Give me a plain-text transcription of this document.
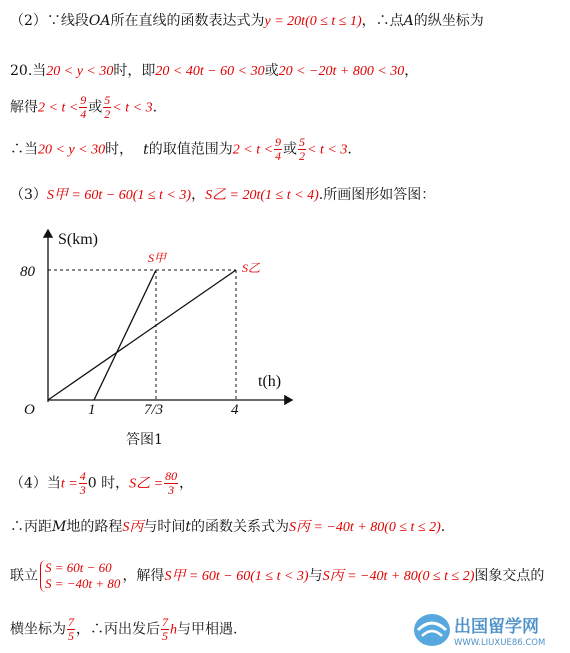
（2）∵线段OA所在直线的函数表达式为y = 20t(0 ≤ t ≤ 1)，∴点A的纵坐标为
20.当20 < y < 30时，即20 < 40t − 60 < 30或20 < −20t + 800 < 30，
解得$2 < t < \frac{9}{4}$ 或 $\frac{5}{2} < t < 3$.
∴当20 < y < 30时， t的取值范围为$2 < t < \frac{9}{4}$ 或 $\frac{5}{2} < t < 3$.
（3）S甲 = 60t − 60(1 ≤ t < 3)，S乙 = 20t(1 ≤ t < 4).所画图形如答图：
S(km)
t(h)
O
80
1	7/3	4
S甲
S乙
答图1
（4）当$t = \frac{4}{3} 0$ 时，S乙 = $\frac{80}{3}$ ，
∴丙距M地的路程S丙与时间t的函数关系式为S丙 = −40t + 80(0 ≤ t ≤ 2).
联立
S = 60t − 60
S = −40t + 80 ，解得S甲 = 60t − 60(1 ≤ t < 3)与S丙 = −40t + 80(0 ≤ t ≤ 2)图象交点的
横坐标为 $\frac{7}{5}$ ，∴丙出发后 $\frac{7}{5}$ h与甲相遇.	出国留学网
WWW.LIUXUE86.COM
